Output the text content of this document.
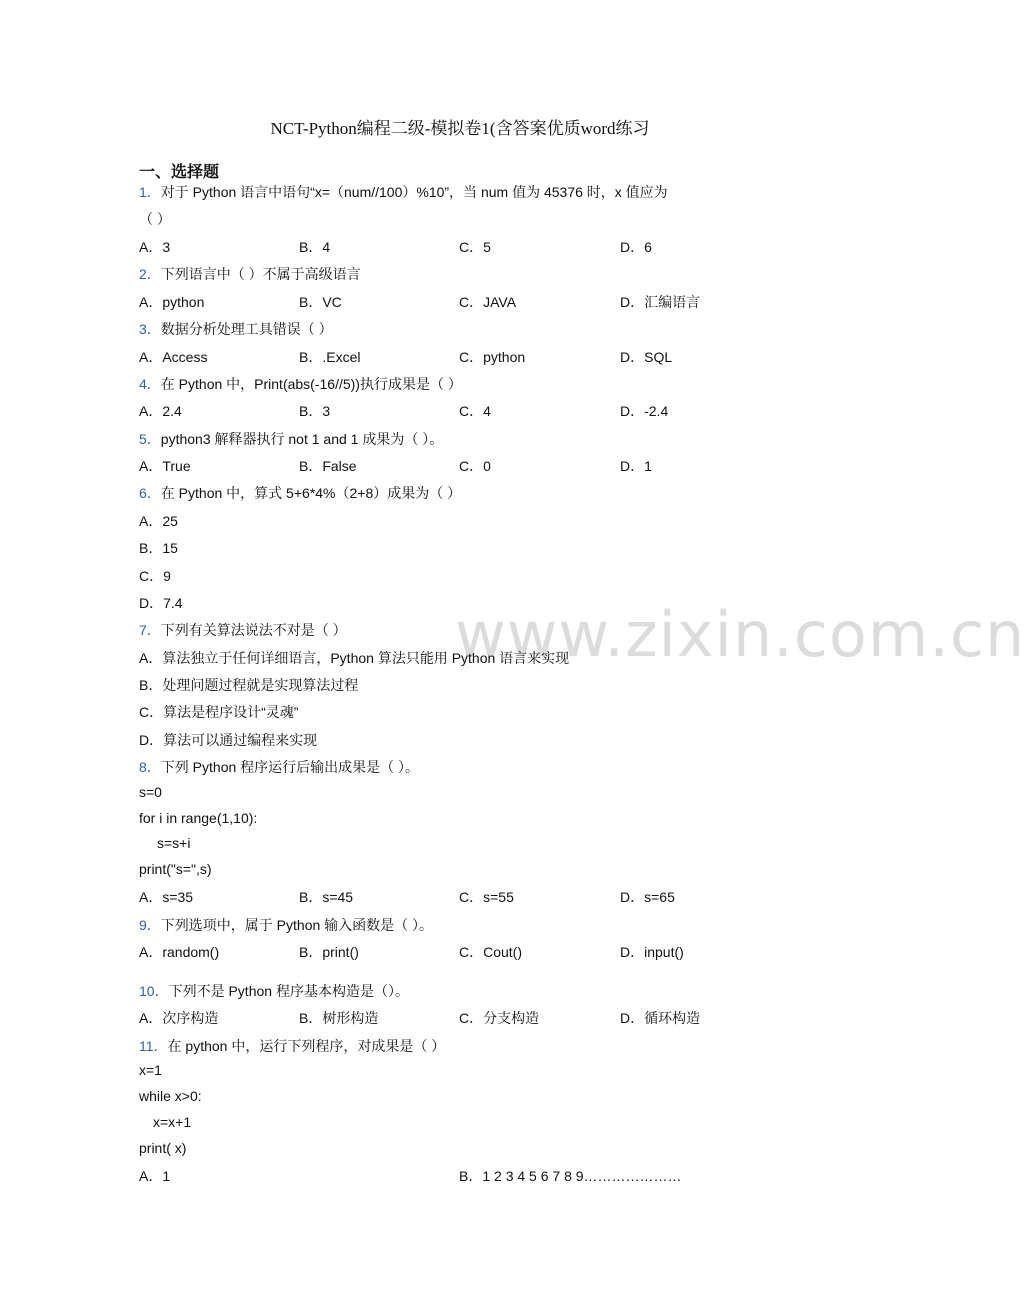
www.zixin.com.cn
NCT-Python编程二级-模拟卷1(含答案优质word练习
一、选择题
1．对于 Python 语言中语句“x=（num//100）%10”，当 num 值为 45376 时，x 值应为
（ ）
A．3	B．4	C．5	D．6
2．下列语言中（ ）不属于高级语言
A．python	B．VC	C．JAVA	D．汇编语言
3．数据分析处理工具错误（ ）
A．Access	B．.Excel	C．python	D．SQL
4．在 Python 中，Print(abs(-16//5))执行成果是（ ）
A．2.4	B．3	C．4	D．-2.4
5．python3 解释器执行 not 1 and 1 成果为（ ）。
A．True	B．False	C．0	D．1
6．在 Python 中，算式 5+6*4%（2+8）成果为（ ）
A．25
B．15
C．9
D．7.4
7．下列有关算法说法不对是（ ）
A．算法独立于任何详细语言，Python 算法只能用 Python 语言来实现
B．处理问题过程就是实现算法过程
C．算法是程序设计“灵魂”
D．算法可以通过编程来实现
8．下列 Python 程序运行后输出成果是（ ）。
s=0
for i in range(1,10):
s=s+i
print("s=",s)
A．s=35	B．s=45	C．s=55	D．s=65
9．下列选项中，属于 Python 输入函数是（ ）。
A．random()	B．print()	C．Cout()	D．input()
10．下列不是 Python 程序基本构造是（）。
A．次序构造	B．树形构造	C．分支构造	D．循环构造
11．在 python 中，运行下列程序，对成果是（ ）
x=1
while x>0:
x=x+1
print( x)
A．1	B．1 2 3 4 5 6 7 8 9…………………
